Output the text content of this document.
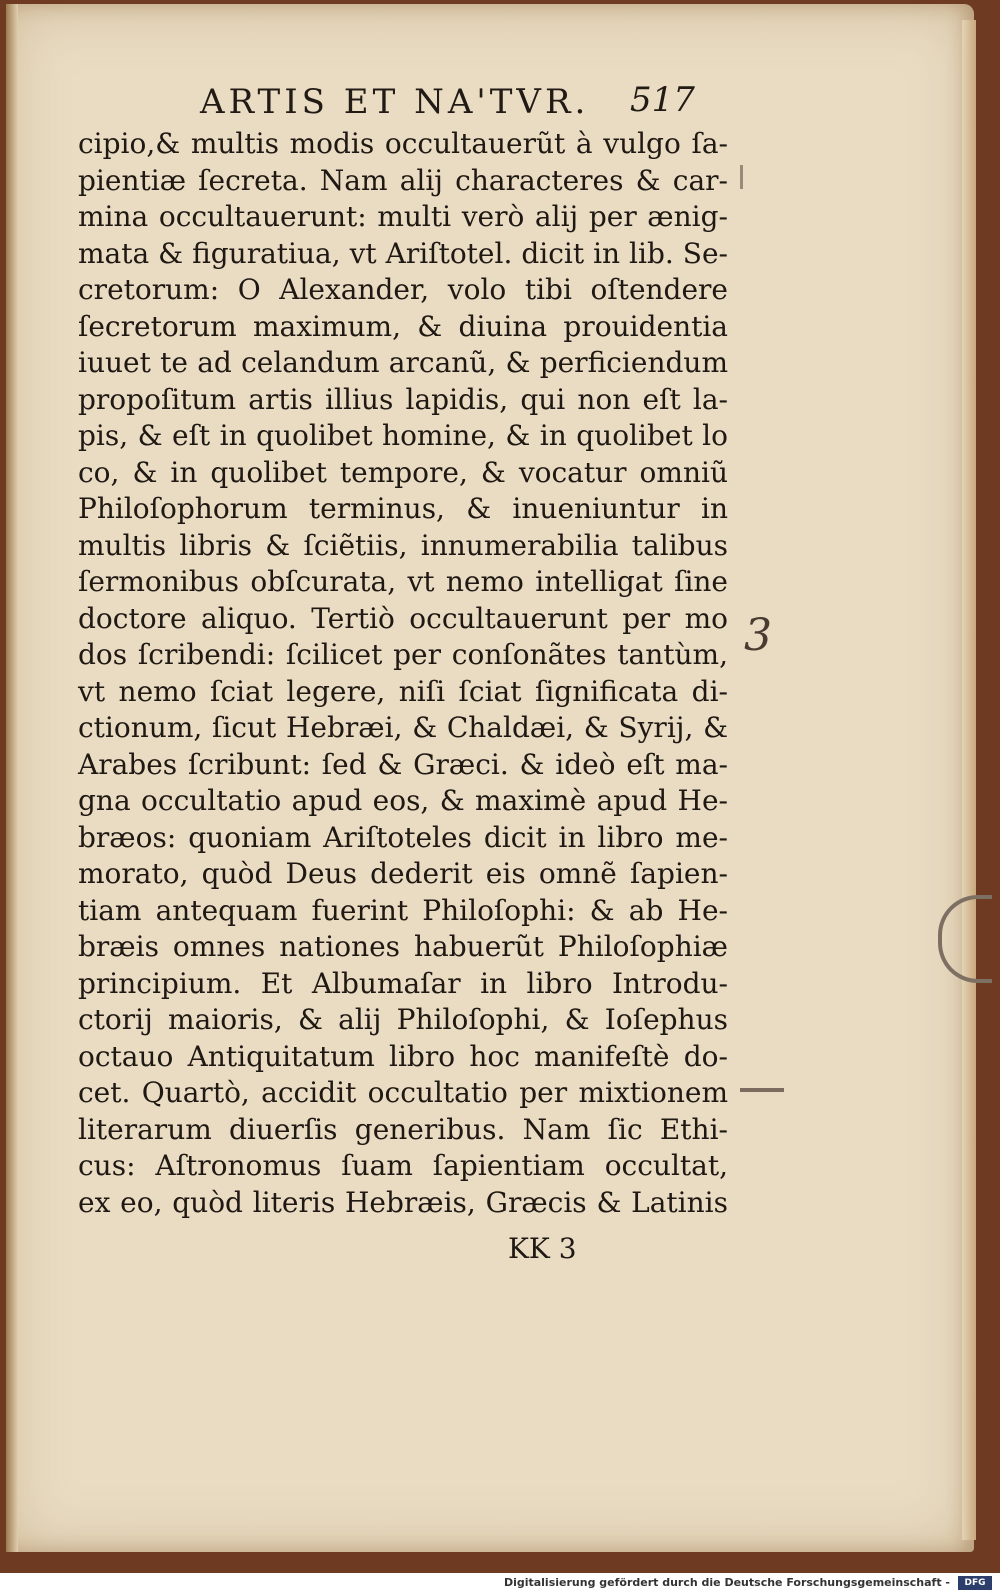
ARTIS ET NA'TVR.	517
cipio,& multis modis occultauerũt à vulgo ſa-
pientiæ ſecreta. Nam alij characteres & car-
mina occultauerunt: multi verò alij per ænig-
mata & figuratiua, vt Ariſtotel. dicit in lib. Se-
cretorum: O Alexander, volo tibi oſtendere
ſecretorum maximum, & diuina prouidentia
iuuet te ad celandum arcanũ, & perficiendum
propoſitum artis illius lapidis, qui non eſt la-
pis, & eſt in quolibet homine, & in quolibet lo
co, & in quolibet tempore, & vocatur omniũ
Philoſophorum terminus, & inueniuntur in
multis libris & ſciẽtiis, innumerabilia talibus
ſermonibus obſcurata, vt nemo intelligat ſine
doctore aliquo. Tertiò occultauerunt per mo
dos ſcribendi: ſcilicet per conſonãtes tantùm,
vt nemo ſciat legere, niſi ſciat ſignificata di-
ctionum, ſicut Hebræi, & Chaldæi, & Syrij, &
Arabes ſcribunt: ſed & Græci. & ideò eſt ma-
gna occultatio apud eos, & maximè apud He-
bræos: quoniam Ariſtoteles dicit in libro me-
morato, quòd Deus dederit eis omnẽ ſapien-
tiam antequam fuerint Philoſophi: & ab He-
bræis omnes nationes habuerũt Philoſophiæ
principium. Et Albumaſar in libro Introdu-
ctorij maioris, & alij Philoſophi, & Ioſephus
octauo Antiquitatum libro hoc manifeſtè do-
cet. Quartò, accidit occultatio per mixtionem
literarum diuerſis generibus. Nam ſic Ethi-
cus: Aſtronomus ſuam ſapientiam occultat,
ex eo, quòd literis Hebræis, Græcis & Latinis
KK 3
3
Digitalisierung gefördert durch die Deutsche Forschungsgemeinschaft -	DFG
